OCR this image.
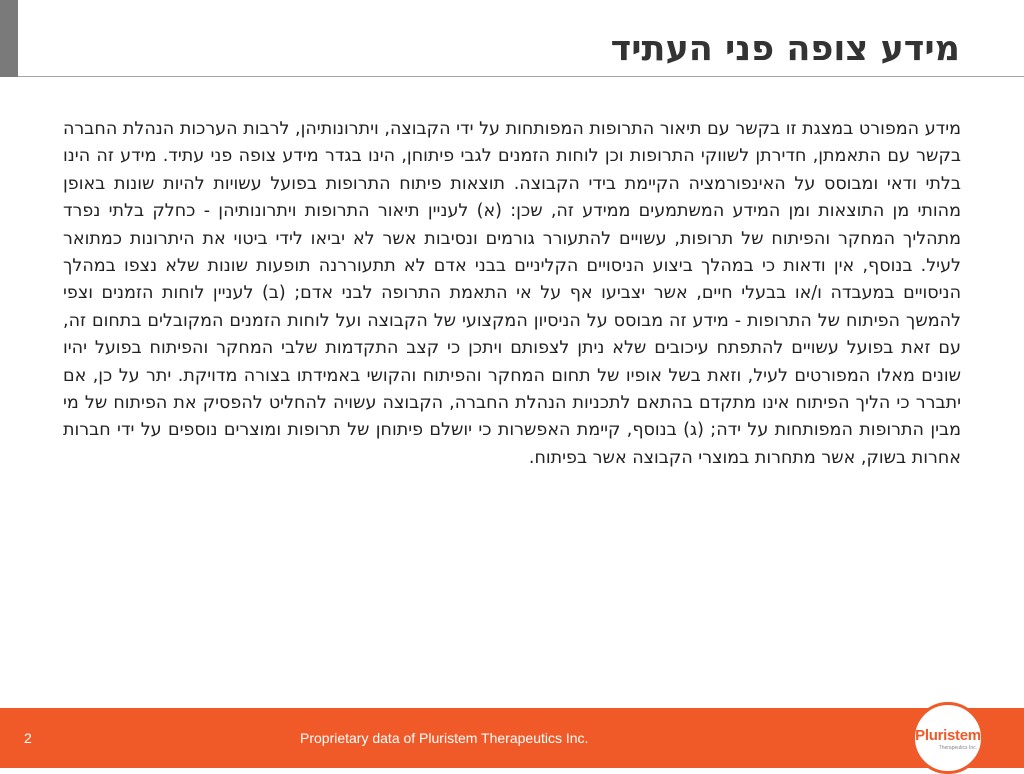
מידע צופה פני העתיד

מידע המפורט במצגת זו בקשר עם תיאור התרופות המפותחות על ידי הקבוצה, ויתרונותיהן, לרבות הערכות הנהלת החברה בקשר עם התאמתן, חדירתן לשווקי התרופות וכן לוחות הזמנים לגבי פיתוחן, הינו בגדר מידע צופה פני עתיד. מידע זה הינו בלתי ודאי ומבוסס על האינפורמציה הקיימת בידי הקבוצה. תוצאות פיתוח התרופות בפועל עשויות להיות שונות באופן מהותי מן התוצאות ומן המידע המשתמעים ממידע זה, שכן: (א) לעניין תיאור התרופות ויתרונותיהן - כחלק בלתי נפרד מתהליך המחקר והפיתוח של תרופות, עשויים להתעורר גורמים ונסיבות אשר לא יביאו לידי ביטוי את היתרונות כמתואר לעיל. בנוסף, אין ודאות כי במהלך ביצוע הניסויים הקליניים בבני אדם לא תתעוררנה תופעות שונות שלא נצפו במהלך הניסויים במעבדה ו/או בבעלי חיים, אשר יצביעו אף על אי התאמת התרופה לבני אדם; (ב) לעניין לוחות הזמנים וצפי להמשך הפיתוח של התרופות - מידע זה מבוסס על הניסיון המקצועי של הקבוצה ועל לוחות הזמנים המקובלים בתחום זה, עם זאת בפועל עשויים להתפתח עיכובים שלא ניתן לצפותם ויתכן כי קצב התקדמות שלבי המחקר והפיתוח בפועל יהיו שונים מאלו המפורטים לעיל, וזאת בשל אופיו של תחום המחקר והפיתוח והקושי באמידתו בצורה מדויקת. יתר על כן, אם יתברר כי הליך הפיתוח אינו מתקדם בהתאם לתכניות הנהלת החברה, הקבוצה עשויה להחליט להפסיק את הפיתוח של מי מבין התרופות המפותחות על ידה; (ג) בנוסף, קיימת האפשרות כי יושלם פיתוחן של תרופות ומוצרים נוספים על ידי חברות אחרות בשוק, אשר מתחרות במוצרי הקבוצה אשר בפיתוח.

2	Proprietary data of Pluristem Therapeutics Inc.	Pluristem
Therapeutics Inc.
